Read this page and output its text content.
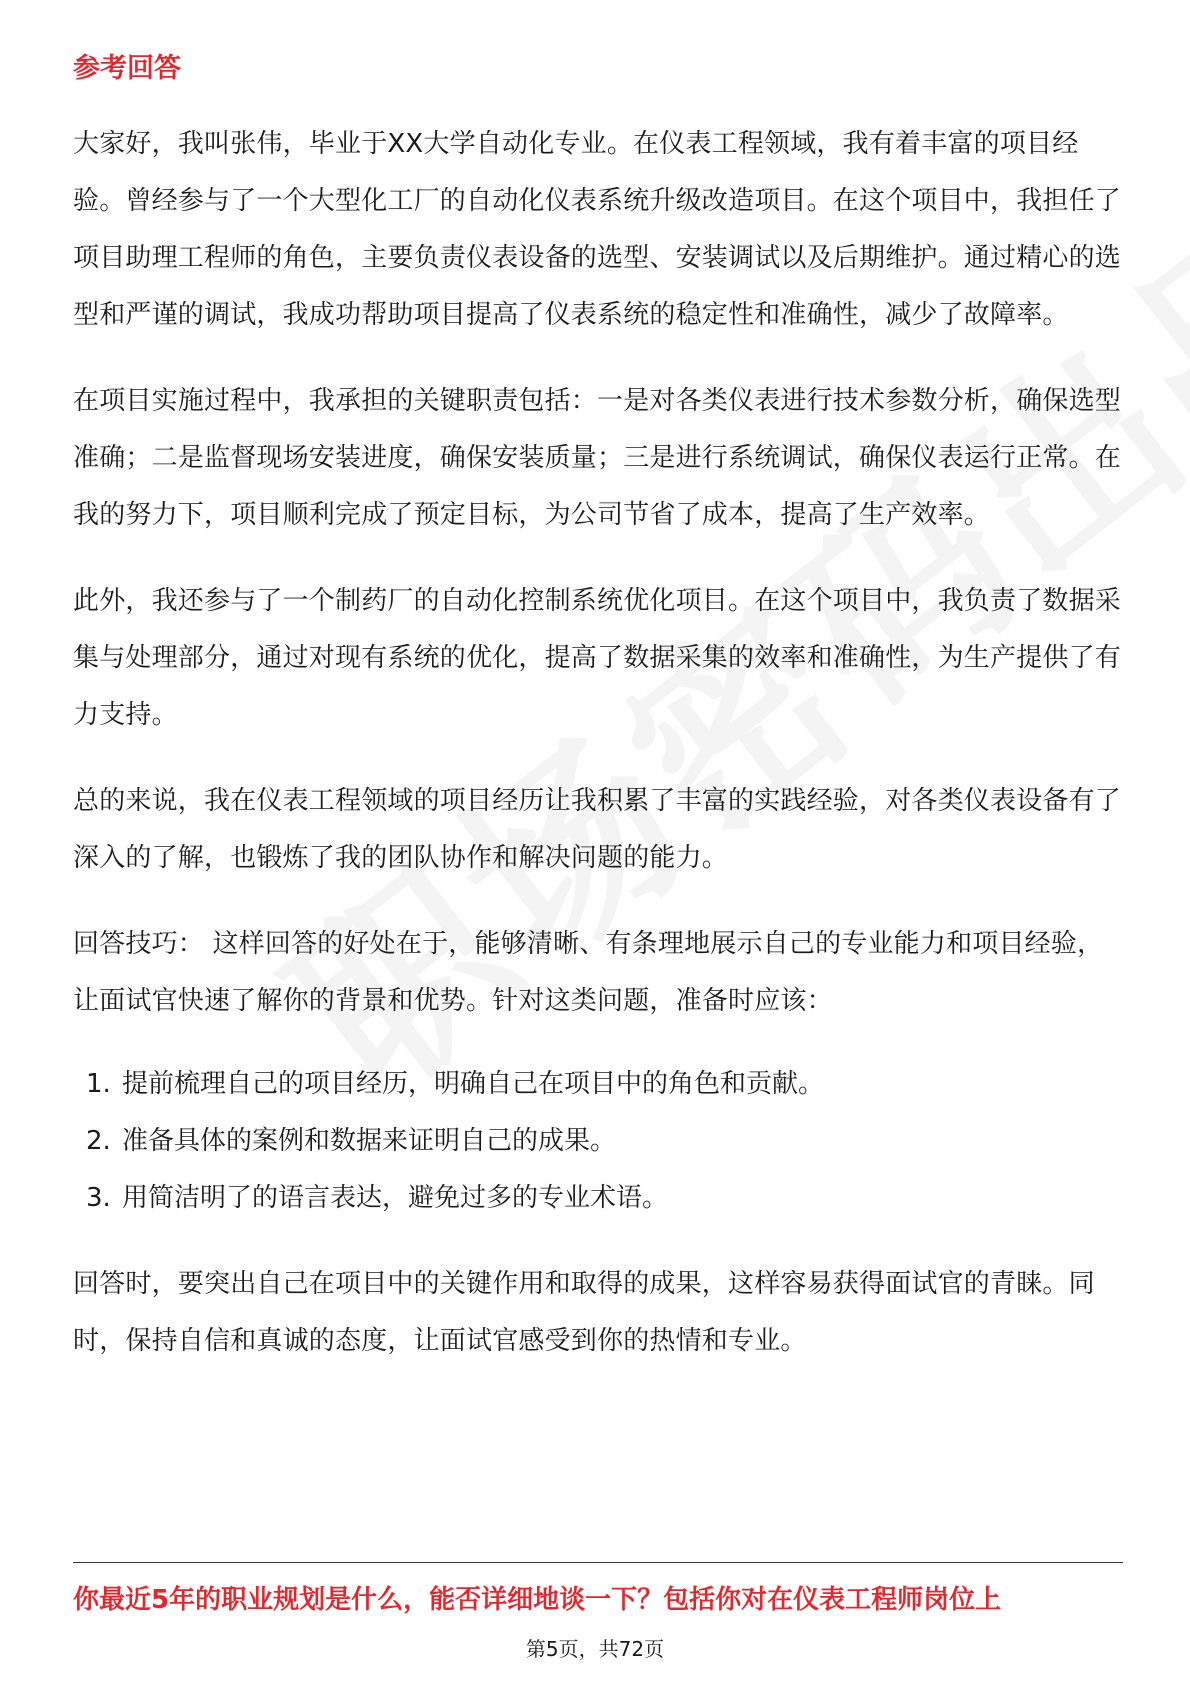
参考回答

大家好，我叫张伟，毕业于XX大学自动化专业。在仪表工程领域，我有着丰富的项目经验。曾经参与了一个大型化工厂的自动化仪表系统升级改造项目。在这个项目中，我担任了项目助理工程师的角色，主要负责仪表设备的选型、安装调试以及后期维护。通过精心的选型和严谨的调试，我成功帮助项目提高了仪表系统的稳定性和准确性，减少了故障率。

在项目实施过程中，我承担的关键职责包括：一是对各类仪表进行技术参数分析，确保选型准确；二是监督现场安装进度，确保安装质量；三是进行系统调试，确保仪表运行正常。在我的努力下，项目顺利完成了预定目标，为公司节省了成本，提高了生产效率。

此外，我还参与了一个制药厂的自动化控制系统优化项目。在这个项目中，我负责了数据采集与处理部分，通过对现有系统的优化，提高了数据采集的效率和准确性，为生产提供了有力支持。

总的来说，我在仪表工程领域的项目经历让我积累了丰富的实践经验，对各类仪表设备有了深入的了解，也锻炼了我的团队协作和解决问题的能力。

回答技巧： 这样回答的好处在于，能够清晰、有条理地展示自己的专业能力和项目经验，让面试官快速了解你的背景和优势。针对这类问题，准备时应该：

1. 提前梳理自己的项目经历，明确自己在项目中的角色和贡献。
2. 准备具体的案例和数据来证明自己的成果。
3. 用简洁明了的语言表达，避免过多的专业术语。

回答时，要突出自己在项目中的关键作用和取得的成果，这样容易获得面试官的青睐。同时，保持自信和真诚的态度，让面试官感受到你的热情和专业。

你最近5年的职业规划是什么，能否详细地谈一下？包括你对在仪表工程师岗位上

第5页，共72页
